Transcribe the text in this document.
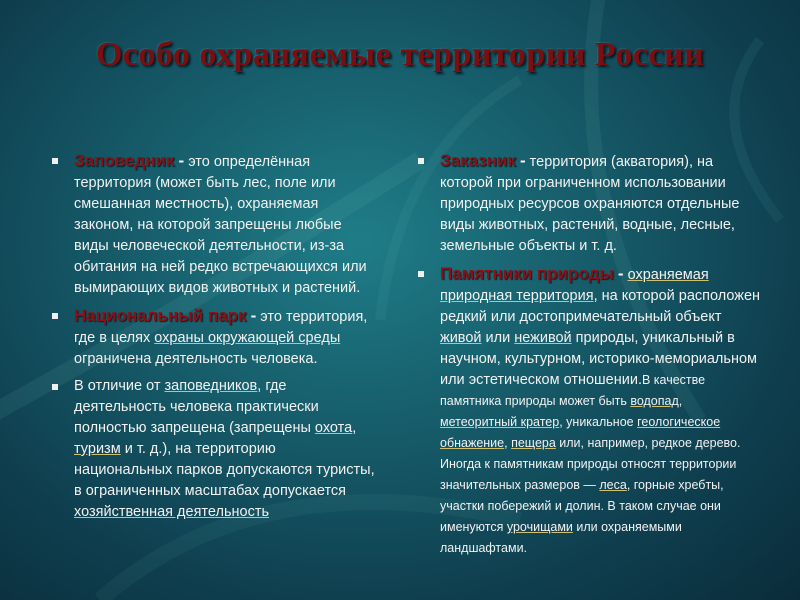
Особо охраняемые территории России
Заповедник - это определённая территория (может быть лес, поле или смешанная местность), охраняемая законом, на которой запрещены любые виды человеческой деятельности, из-за обитания на ней редко встречающихся или вымирающих видов животных и растений.
Национальный парк - это территория, где в целях охраны окружающей среды ограничена деятельность человека.
В отличие от заповедников, где деятельность человека практически полностью запрещена (запрещены охота, туризм и т. д.), на территорию национальных парков допускаются туристы, в ограниченных масштабах допускается хозяйственная деятельность
Заказник - территория (акватория), на которой при ограниченном использовании природных ресурсов охраняются отдельные виды животных, растений, водные, лесные, земельные объекты и т. д.
Памятники природы - охраняемая природная территория, на которой расположен редкий или достопримечательный объект живой или неживой природы, уникальный в научном, культурном, историко-мемориальном или эстетическом отношении.В качестве памятника природы может быть водопад, метеоритный кратер, уникальное геологическое обнажение, пещера или, например, редкое дерево. Иногда к памятникам природы относят территории значительных размеров — леса, горные хребты, участки побережий и долин. В таком случае они именуются урочищами или охраняемыми ландшафтами.
